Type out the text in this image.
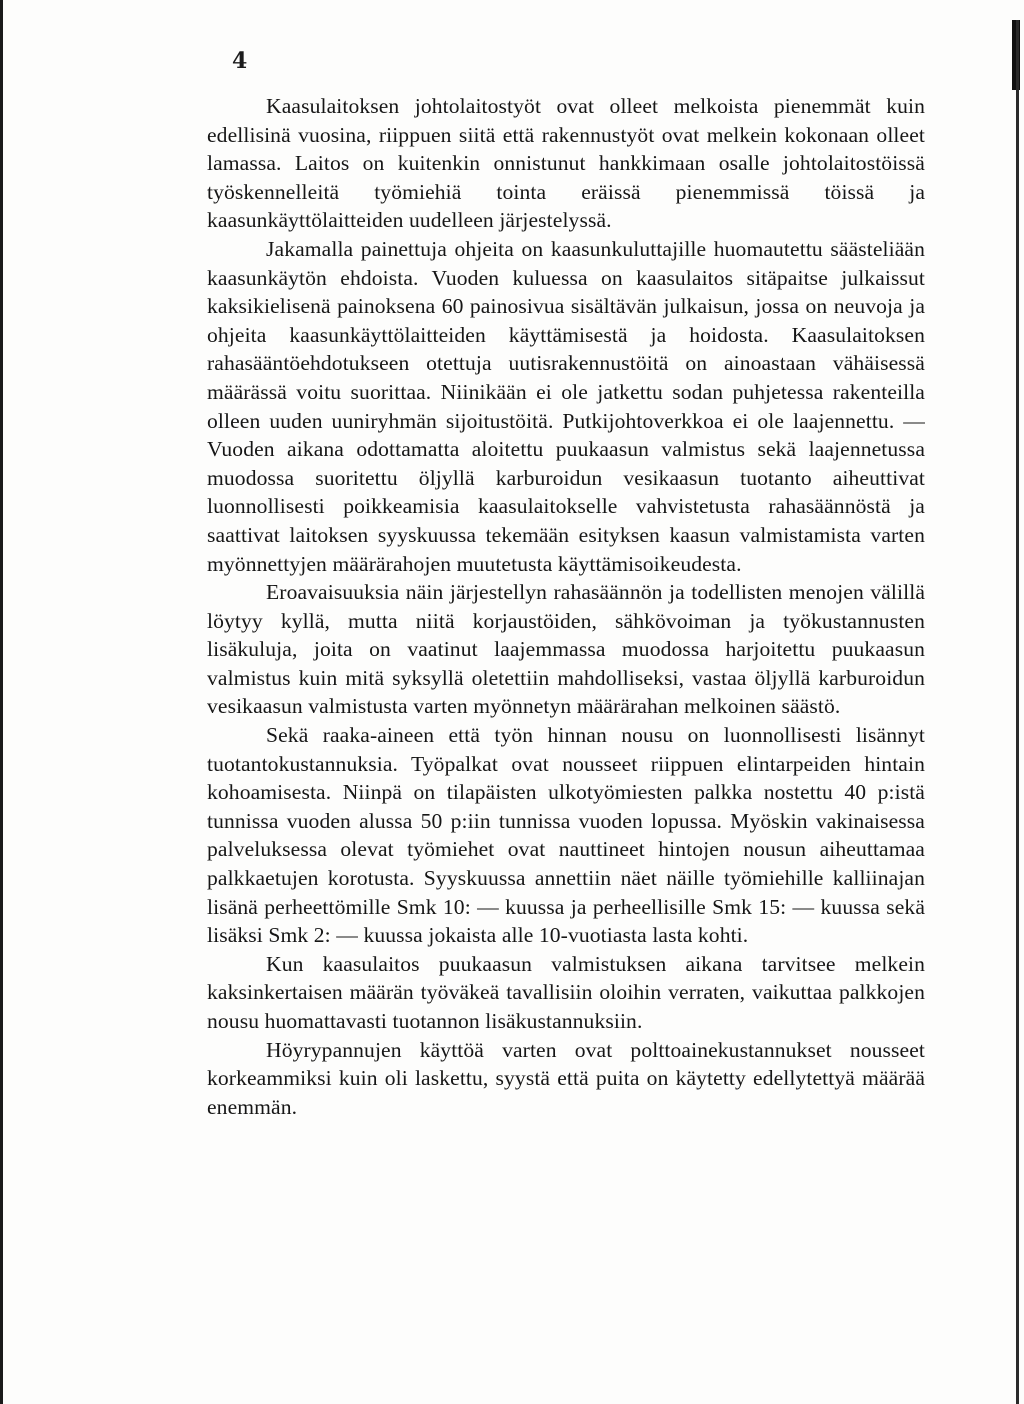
4

Kaasulaitoksen johtolaitostyöt ovat olleet melkoista pienemmät kuin edellisinä vuosina, riippuen siitä että rakennustyöt ovat melkein kokonaan olleet lamassa. Laitos on kuitenkin onnistunut hankkimaan osalle johtolaitostöissä työskennelleitä työmiehiä tointa eräissä pienemmissä töissä ja kaasunkäyttölaitteiden uudelleen järjestelyssä.

Jakamalla painettuja ohjeita on kaasunkuluttajille huomautettu säästeliään kaasunkäytön ehdoista. Vuoden kuluessa on kaasulaitos sitäpaitse julkaissut kaksikielisenä painoksena 60 painosivua sisältävän julkaisun, jossa on neuvoja ja ohjeita kaasunkäyttölaitteiden käyttämisestä ja hoidosta. Kaasulaitoksen rahasääntöehdotukseen otettuja uutisrakennustöitä on ainoastaan vähäisessä määrässä voitu suorittaa. Niinikään ei ole jatkettu sodan puhjetessa rakenteilla olleen uuden uuniryhmän sijoitustöitä. Putkijohtoverkkoa ei ole laajennettu. — Vuoden aikana odottamatta aloitettu puukaasun valmistus sekä laajennetussa muodossa suoritettu öljyllä karburoidun vesikaasun tuotanto aiheuttivat luonnollisesti poikkeamisia kaasulaitokselle vahvistetusta rahasäännöstä ja saattivat laitoksen syyskuussa tekemään esityksen kaasun valmistamista varten myönnettyjen määrärahojen muutetusta käyttämisoikeudesta.

Eroavaisuuksia näin järjestellyn rahasäännön ja todellisten menojen välillä löytyy kyllä, mutta niitä korjaustöiden, sähkövoiman ja työkustannusten lisäkuluja, joita on vaatinut laajemmassa muodossa harjoitettu puukaasun valmistus kuin mitä syksyllä oletettiin mahdolliseksi, vastaa öljyllä karburoidun vesikaasun valmistusta varten myönnetyn määrärahan melkoinen säästö.

Sekä raaka-aineen että työn hinnan nousu on luonnollisesti lisännyt tuotantokustannuksia. Työpalkat ovat nousseet riippuen elintarpeiden hintain kohoamisesta. Niinpä on tilapäisten ulkotyömiesten palkka nostettu 40 p:istä tunnissa vuoden alussa 50 p:iin tunnissa vuoden lopussa. Myöskin vakinaisessa palveluksessa olevat työmiehet ovat nauttineet hintojen nousun aiheuttamaa palkkaetujen korotusta. Syyskuussa annettiin näet näille työmiehille kalliinajan lisänä perheettömille Smk 10: — kuussa ja perheellisille Smk 15: — kuussa sekä lisäksi Smk 2: — kuussa jokaista alle 10-vuotiasta lasta kohti.

Kun kaasulaitos puukaasun valmistuksen aikana tarvitsee melkein kaksinkertaisen määrän työväkeä tavallisiin oloihin verraten, vaikuttaa palkkojen nousu huomattavasti tuotannon lisäkustannuksiin.

Höyrypannujen käyttöä varten ovat polttoainekustannukset nousseet korkeammiksi kuin oli laskettu, syystä että puita on käytetty edellytettyä määrää enemmän.
